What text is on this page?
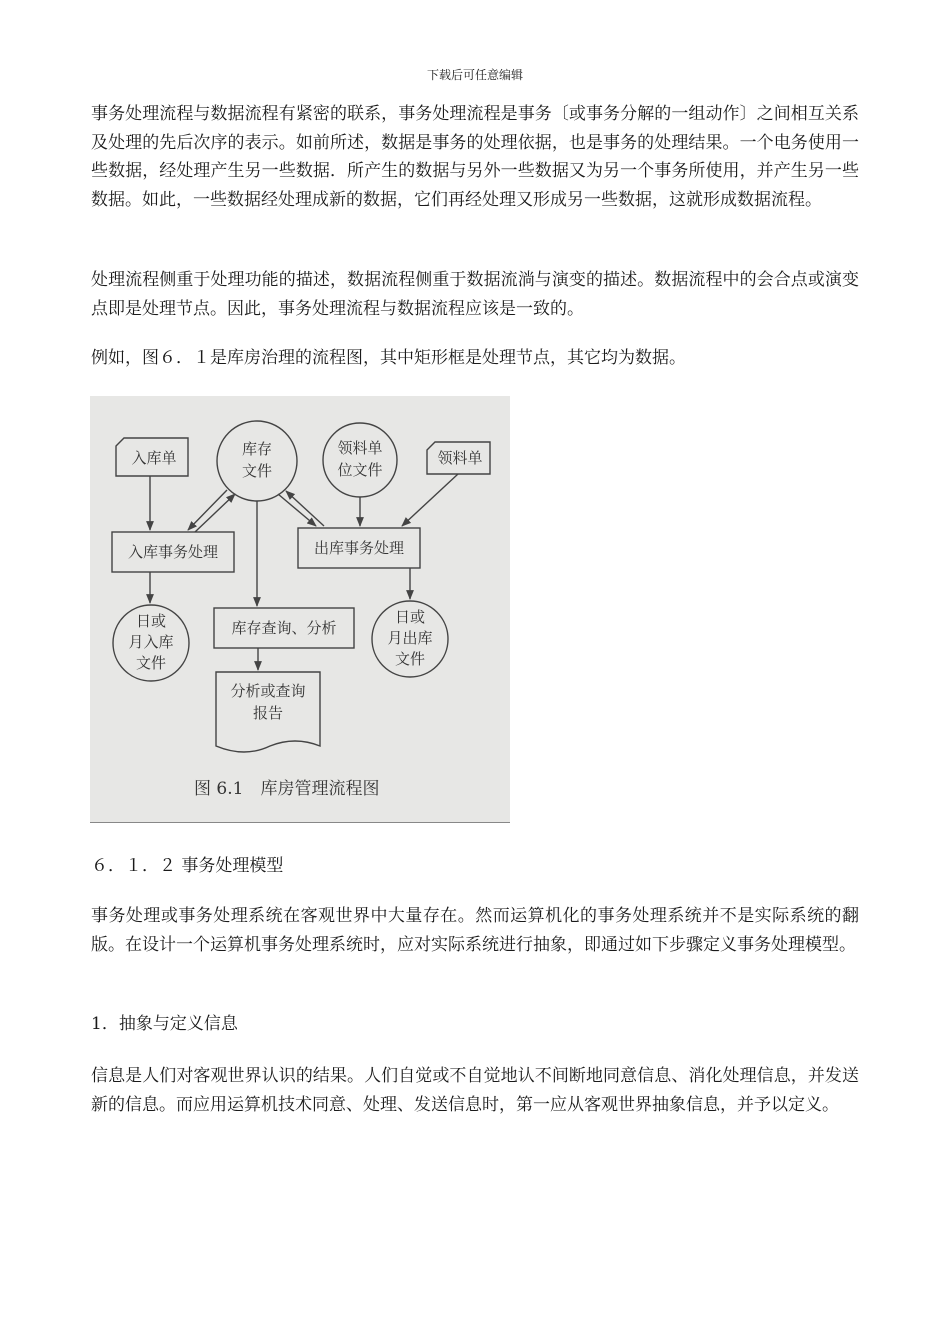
下载后可任意编辑

事务处理流程与数据流程有紧密的联系，事务处理流程是事务〔或事务分解的一组动作〕之间相互关系及处理的先后次序的表示。如前所述，数据是事务的处理依据，也是事务的处理结果。一个电务使用一些数据，经处理产生另一些数据．所产生的数据与另外一些数据又为另一个事务所使用，并产生另一些数据。如此，一些数据经处理成新的数据，它们再经处理又形成另一些数据，这就形成数据流程。

处理流程侧重于处理功能的描述，数据流程侧重于数据流淌与演变的描述。数据流程中的会合点或演变点即是处理节点。因此，事务处理流程与数据流程应该是一致的。

例如，图６．１是库房治理的流程图，其中矩形框是处理节点，其它均为数据。

入库单	库存
文件
领料单
位文件
领料单
入库事务处理	出库事务处理
库存查询、分析
日或
月入库
文件
日或
月出库
文件
分析或查询
报告
图 6.1　库房管理流程图

６．１．２ 事务处理模型

事务处理或事务处理系统在客观世界中大量存在。然而运算机化的事务处理系统并不是实际系统的翻版。在设计一个运算机事务处理系统时，应对实际系统进行抽象，即通过如下步骤定义事务处理模型。

1．抽象与定义信息

信息是人们对客观世界认识的结果。人们自觉或不自觉地认不间断地同意信息、消化处理信息，并发送新的信息。而应用运算机技术同意、处理、发送信息时，第一应从客观世界抽象信息，并予以定义。
